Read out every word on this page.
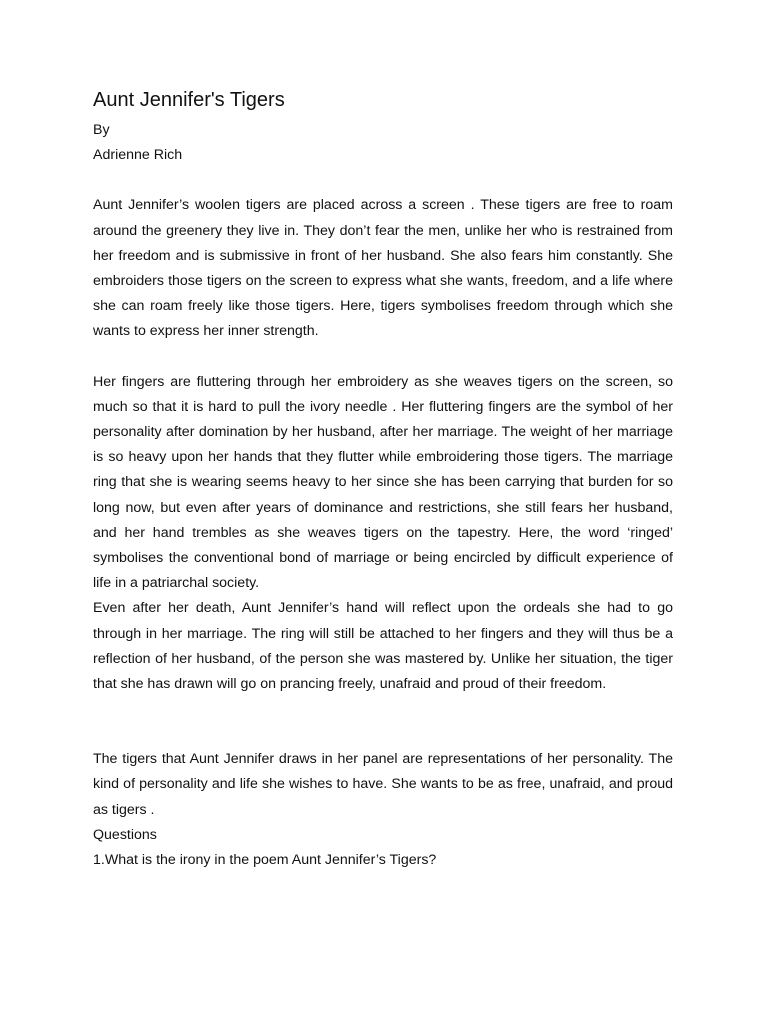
Aunt Jennifer's Tigers

By

Adrienne Rich

Aunt Jennifer’s woolen tigers are placed across a screen . These tigers are free to roam around the greenery they live in. They don’t fear the men, unlike her who is restrained from her freedom and is submissive in front of her husband. She also fears him constantly. She embroiders those tigers on the screen to express what she wants, freedom, and a life where she can roam freely like those tigers. Here, tigers symbolises freedom through which she wants to express her inner strength.

Her fingers are fluttering through her embroidery as she weaves tigers on the screen, so much so that it is hard to pull the ivory needle . Her fluttering fingers are the symbol of her personality after domination by her husband, after her marriage. The weight of her marriage is so heavy upon her hands that they flutter while embroidering those tigers. The marriage ring that she is wearing seems heavy to her since she has been carrying that burden for so long now, but even after years of dominance and restrictions, she still fears her husband, and her hand trembles as she weaves tigers on the tapestry. Here, the word ‘ringed’ symbolises the conventional bond of marriage or being encircled by difficult experience of life in a patriarchal society.

Even after her death, Aunt Jennifer’s hand will reflect upon the ordeals she had to go through in her marriage. The ring will still be attached to her fingers and they will thus be a reflection of her husband, of the person she was mastered by. Unlike her situation, the tiger that she has drawn will go on prancing freely, unafraid and proud of their freedom.

The tigers that Aunt Jennifer draws in her panel are representations of her personality. The kind of personality and life she wishes to have. She wants to be as free, unafraid, and proud as tigers .

Questions

1.What is the irony in the poem Aunt Jennifer’s Tigers?
